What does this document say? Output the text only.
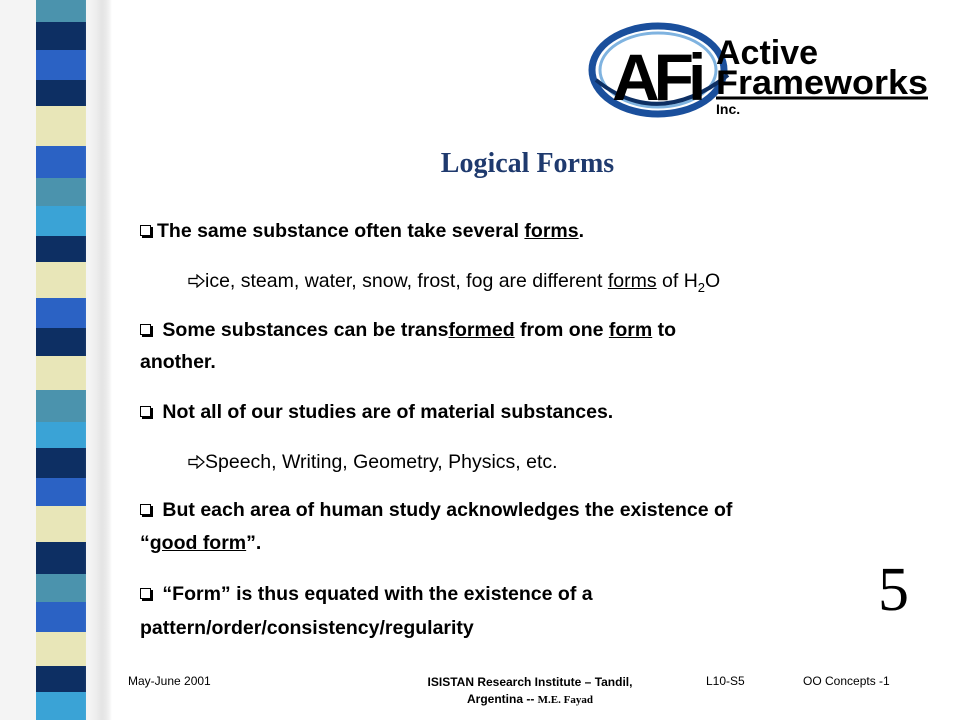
AFi Active
Frameworks
Inc.
Logical Forms
The same substance often take several forms.
ice, steam, water, snow, frost, fog are different forms of $H_2O$
Some substances can be transformed from one form to
another.
Not all of our studies are of material substances.
Speech, Writing, Geometry, Physics, etc.
But each area of human study acknowledges the existence of
“good form”.
“Form” is thus equated with the existence of a
pattern/order/consistency/regularity
5
May-June 2001	ISISTAN Research Institute – Tandil,
Argentina -- M.E. Fayad
L10-S5	OO Concepts -1
